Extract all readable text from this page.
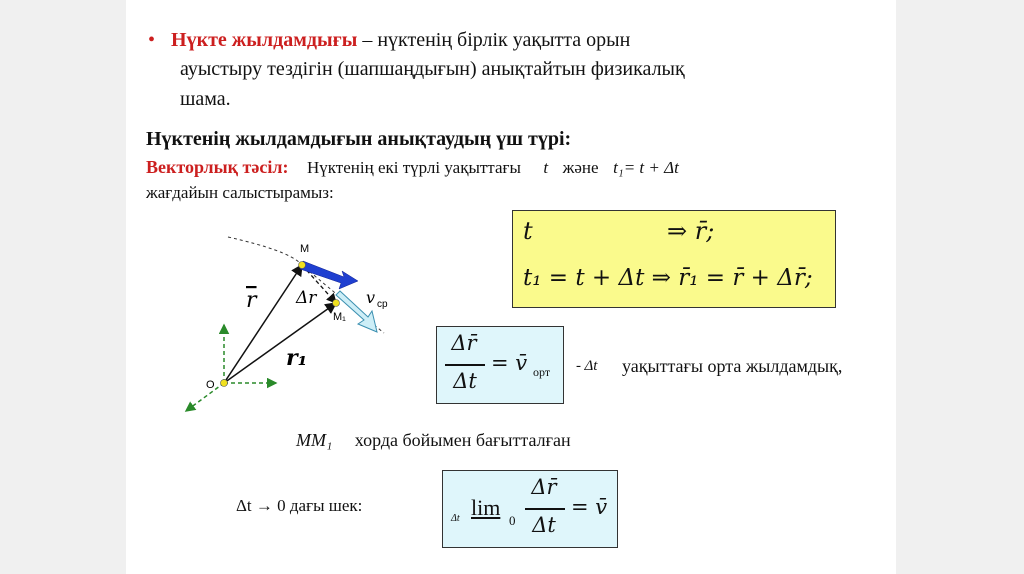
• Нүкте жылдамдығы – нүктенің бірлік уақытта орын
ауыстыру тездігін (шапшаңдығын) анықтайтын физикалық
шама.
Нүктенің жылдамдығын анықтаудың үш түрі:
Векторлық тәсіл: Нүктенің екі түрлі уақыттағы t және t₁= t + Δt
жағдайын салыстырамыз:
M
M₁
O
r Δr
r₁
v ср
t	⇒ r̄;
t₁ = t + Δt ⇒ r̄₁ = r̄ + Δr̄;
Δr̄
Δt
= v̄ орт - Δt уақыттағы орта жылдамдық,
MM₁ хорда бойымен бағытталған
Δt → 0 дағы шек:
Δt lim
0
Δr̄
Δt
= v̄
